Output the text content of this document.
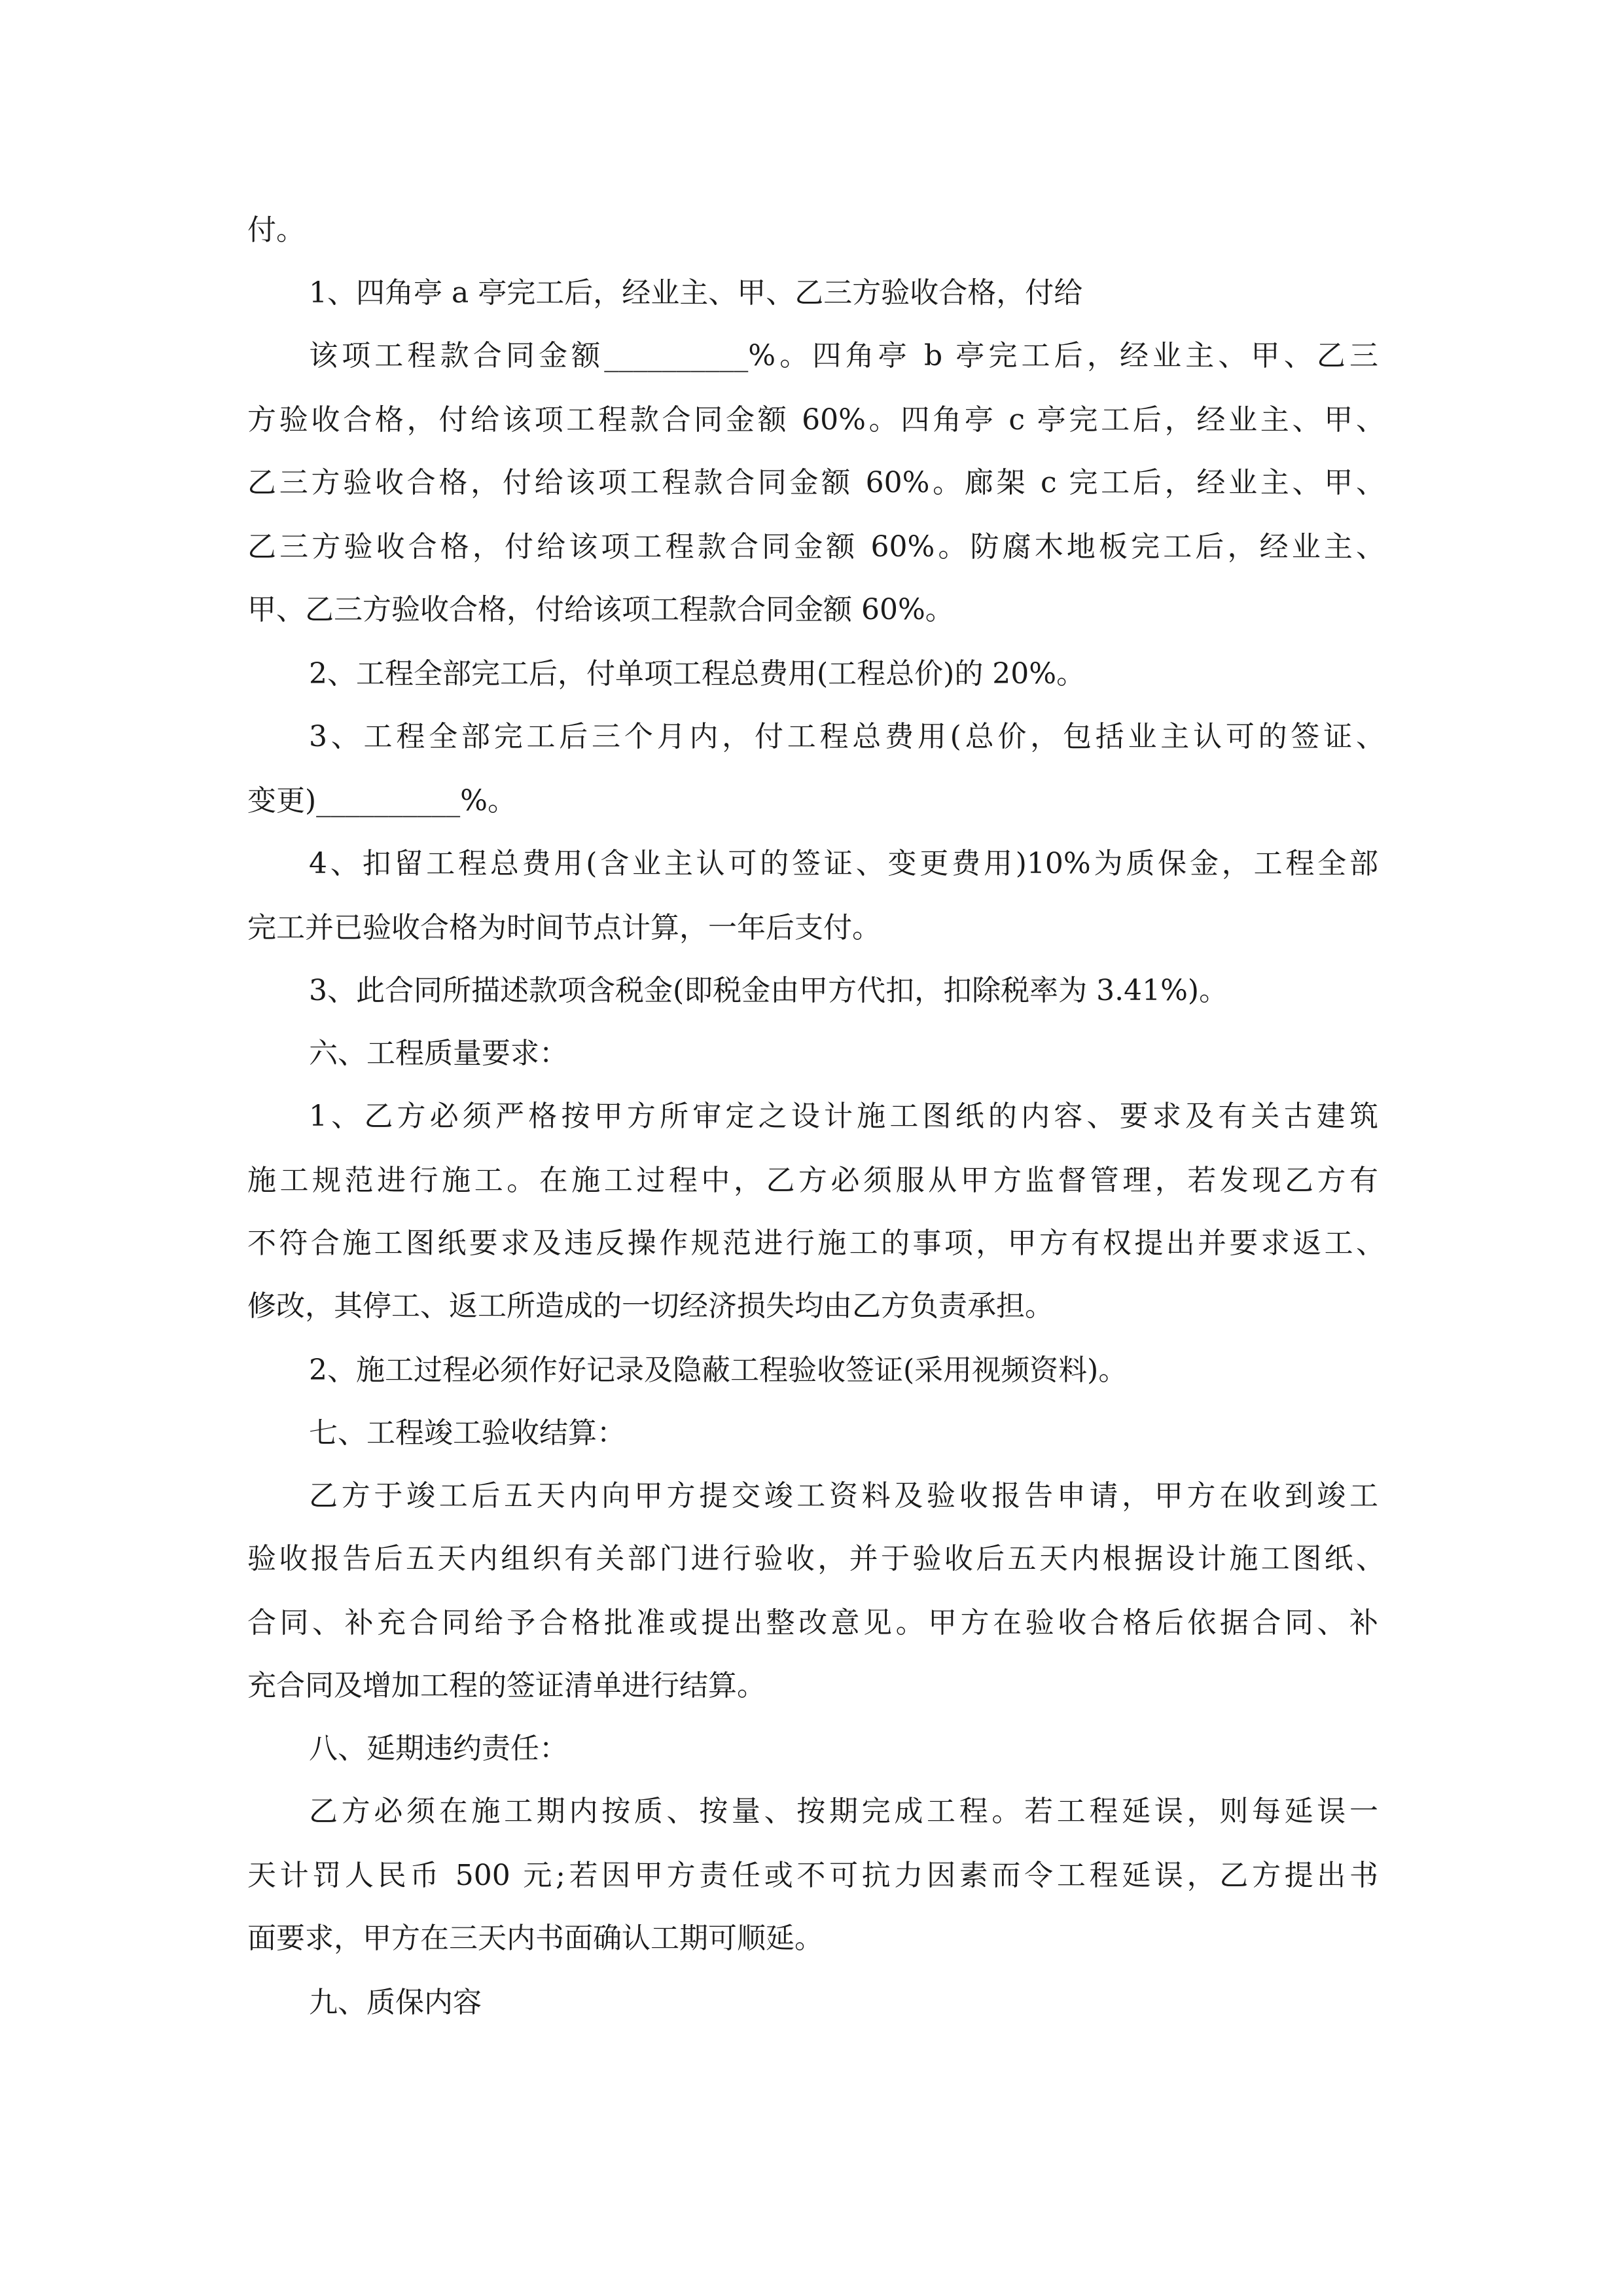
付。
1、四角亭 a 亭完工后，经业主、甲、乙三方验收合格，付给
该项工程款合同金额__________%。四角亭 b 亭完工后，经业主、甲、乙三
方验收合格，付给该项工程款合同金额 60%。四角亭 c 亭完工后，经业主、甲、
乙三方验收合格，付给该项工程款合同金额 60%。廊架 c 完工后，经业主、甲、
乙三方验收合格，付给该项工程款合同金额 60%。防腐木地板完工后，经业主、
甲、乙三方验收合格，付给该项工程款合同金额 60%。
2、工程全部完工后，付单项工程总费用(工程总价)的 20%。
3、工程全部完工后三个月内，付工程总费用(总价，包括业主认可的签证、
变更)__________%。
4、扣留工程总费用(含业主认可的签证、变更费用)10%为质保金，工程全部
完工并已验收合格为时间节点计算，一年后支付。
3、此合同所描述款项含税金(即税金由甲方代扣，扣除税率为 3.41%)。
六、工程质量要求：
1、乙方必须严格按甲方所审定之设计施工图纸的内容、要求及有关古建筑
施工规范进行施工。在施工过程中，乙方必须服从甲方监督管理，若发现乙方有
不符合施工图纸要求及违反操作规范进行施工的事项，甲方有权提出并要求返工、
修改，其停工、返工所造成的一切经济损失均由乙方负责承担。
2、施工过程必须作好记录及隐蔽工程验收签证(采用视频资料)。
七、工程竣工验收结算：
乙方于竣工后五天内向甲方提交竣工资料及验收报告申请，甲方在收到竣工
验收报告后五天内组织有关部门进行验收，并于验收后五天内根据设计施工图纸、
合同、补充合同给予合格批准或提出整改意见。甲方在验收合格后依据合同、补
充合同及增加工程的签证清单进行结算。
八、延期违约责任：
乙方必须在施工期内按质、按量、按期完成工程。若工程延误，则每延误一
天计罚人民币 500 元;若因甲方责任或不可抗力因素而令工程延误，乙方提出书
面要求，甲方在三天内书面确认工期可顺延。
九、质保内容
